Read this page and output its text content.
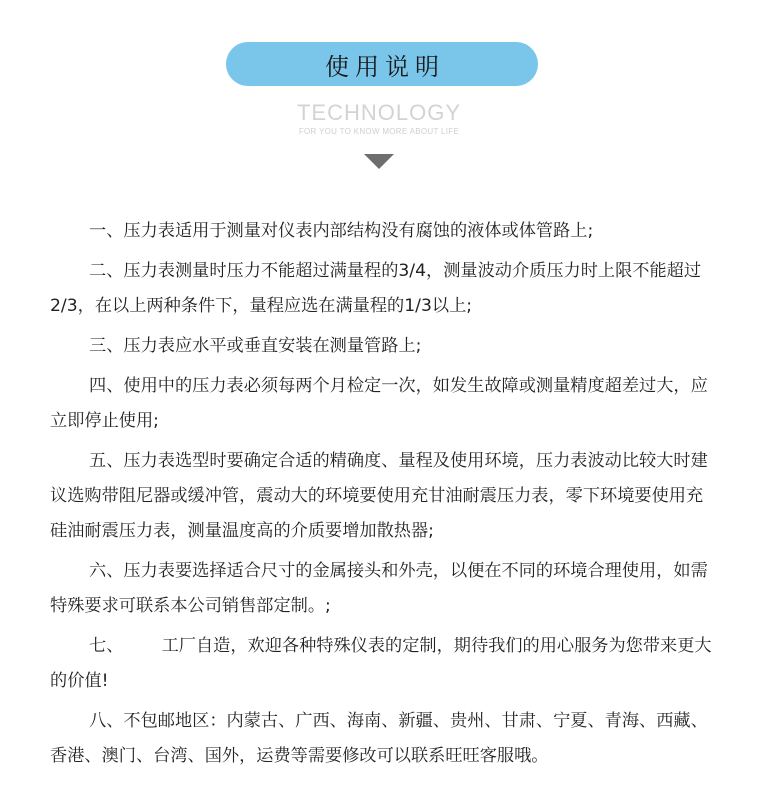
使用说明
TECHNOLOGY
FOR YOU TO KNOW MORE ABOUT LIFE

一、压力表适用于测量对仪表内部结构没有腐蚀的液体或体管路上;

二、压力表测量时压力不能超过满量程的3/4，测量波动介质压力时上限不能超过2/3，在以上两种条件下，量程应选在满量程的1/3以上;

三、压力表应水平或垂直安装在测量管路上;

四、使用中的压力表必须每两个月检定一次，如发生故障或测量精度超差过大，应立即停止使用;

五、压力表选型时要确定合适的精确度、量程及使用环境，压力表波动比较大时建议选购带阻尼器或缓冲管，震动大的环境要使用充甘油耐震压力表，零下环境要使用充硅油耐震压力表，测量温度高的介质要增加散热器;

六、压力表要选择适合尺寸的金属接头和外壳，以便在不同的环境合理使用，如需特殊要求可联系本公司销售部定制。;

七、       工厂自造，欢迎各种特殊仪表的定制，期待我们的用心服务为您带来更大的价值!

八、不包邮地区：内蒙古、广西、海南、新疆、贵州、甘肃、宁夏、青海、西藏、香港、澳门、台湾、国外，运费等需要修改可以联系旺旺客服哦。
